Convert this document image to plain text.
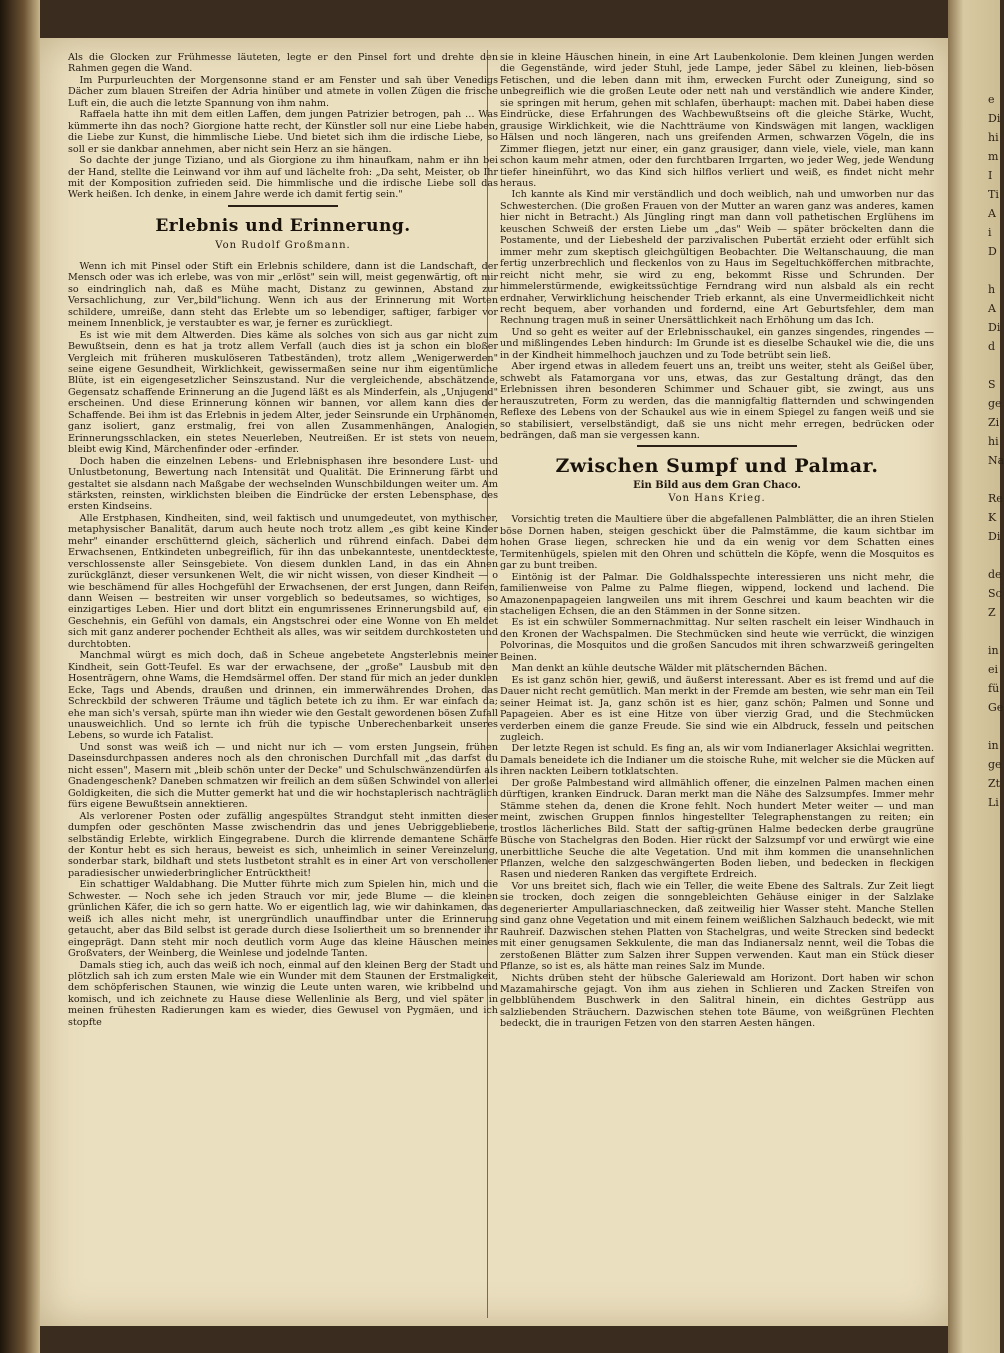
e
Di
hi
m
I
Ti
A
i
D

h
A
Di
d

S
ge
Zi
hi
Na

Re
K
Di

de
Sc
Z

in
ei
fü
Ge

in
ge
Zt
Li

Als die Glocken zur Frühmesse läuteten, legte er den Pinsel fort und drehte den Rahmen gegen die Wand.

Im Purpurleuchten der Morgensonne stand er am Fenster und sah über Venedigs Dächer zum blauen Streifen der Adria hinüber und atmete in vollen Zügen die frische Luft ein, die auch die letzte Spannung von ihm nahm.

Raffaela hatte ihn mit dem eitlen Laffen, dem jungen Patrizier betrogen, pah … Was kümmerte ihn das noch? Giorgione hatte recht, der Künstler soll nur eine Liebe haben, die Liebe zur Kunst, die himmlische Liebe. Und bietet sich ihm die irdische Liebe, so soll er sie dankbar annehmen, aber nicht sein Herz an sie hängen.

So dachte der junge Tiziano, und als Giorgione zu ihm hinaufkam, nahm er ihn bei der Hand, stellte die Leinwand vor ihm auf und lächelte froh: „Da seht, Meister, ob Ihr mit der Komposition zufrieden seid. Die himmlische und die irdische Liebe soll das Werk heißen. Ich denke, in einem Jahre werde ich damit fertig sein."

Erlebnis und Erinnerung.
Von Rudolf Großmann.

Wenn ich mit Pinsel oder Stift ein Erlebnis schildere, dann ist die Landschaft, der Mensch oder was ich erlebe, was von mir „erlöst" sein will, meist gegenwärtig, oft mir so eindringlich nah, daß es Mühe macht, Distanz zu gewinnen, Abstand zur Versachlichung, zur Ver„bild"lichung. Wenn ich aus der Erinnerung mit Worten schildere, umreiße, dann steht das Erlebte um so lebendiger, saftiger, farbiger vor meinem Innenblick, je verstaubter es war, je ferner es zurückliegt.

Es ist wie mit dem Altwerden. Dies käme als solches von sich aus gar nicht zum Bewußtsein, denn es hat ja trotz allem Verfall (auch dies ist ja schon ein bloßer Vergleich mit früheren muskulöseren Tatbeständen), trotz allem „Wenigerwerden" seine eigene Gesundheit, Wirklichkeit, gewissermaßen seine nur ihm eigentümliche Blüte, ist ein eigengesetzlicher Seinszustand. Nur die vergleichende, abschätzende, Gegensatz schaffende Erinnerung an die Jugend läßt es als Minderfein, als „Unjugend" erscheinen. Und diese Erinnerung können wir bannen, vor allem kann dies der Schaffende. Bei ihm ist das Erlebnis in jedem Alter, jeder Seinsrunde ein Urphänomen, ganz isoliert, ganz erstmalig, frei von allen Zusammenhängen, Analogien, Erinnerungsschlacken, ein stetes Neuerleben, Neutreißen. Er ist stets von neuem, bleibt ewig Kind, Märchenfinder oder -erfinder.

Doch haben die einzelnen Lebens- und Erlebnisphasen ihre besondere Lust- und Unlustbetonung, Bewertung nach Intensität und Qualität. Die Erinnerung färbt und gestaltet sie alsdann nach Maßgabe der wechselnden Wunschbildungen weiter um. Am stärksten, reinsten, wirklichsten bleiben die Eindrücke der ersten Lebensphase, des ersten Kindseins.

Alle Erstphasen, Kindheiten, sind, weil faktisch und unumgedeutet, von mythischer, metaphysischer Banalität, darum auch heute noch trotz allem „es gibt keine Kinder mehr" einander erschütternd gleich, sächerlich und rührend einfach. Dabei dem Erwachsenen, Entkindeten unbegreiflich, für ihn das unbekannteste, unentdeckteste, verschlossenste aller Seinsgebiete. Von diesem dunklen Land, in das ein Ahnen zurückglänzt, dieser versunkenen Welt, die wir nicht wissen, von dieser Kindheit — o wie beschämend für alles Hochgefühl der Erwachsenen, der erst Jungen, dann Reifen, dann Weisen — bestreiten wir unser vorgeblich so bedeutsames, so wichtiges, so einzigartiges Leben. Hier und dort blitzt ein engumrissenes Erinnerungsbild auf, ein Geschehnis, ein Gefühl von damals, ein Angstschrei oder eine Wonne von Eh meldet sich mit ganz anderer pochender Echtheit als alles, was wir seitdem durchkosteten und durchtobten.

Manchmal würgt es mich doch, daß in Scheue angebetete Angsterlebnis meiner Kindheit, sein Gott-Teufel. Es war der erwachsene, der „große" Lausbub mit den Hosenträgern, ohne Wams, die Hemdsärmel offen. Der stand für mich an jeder dunklen Ecke, Tags und Abends, draußen und drinnen, ein immerwährendes Drohen, das Schreckbild der schweren Träume und täglich betete ich zu ihm. Er war einfach da; ehe man sich's versah, spürte man ihn wieder wie den Gestalt gewordenen bösen Zufall unausweichlich. Und so lernte ich früh die typische Unberechenbarkeit unseres Lebens, so wurde ich Fatalist.

Und sonst was weiß ich — und nicht nur ich — vom ersten Jungsein, frühen Daseinsdurchpassen anderes noch als den chronischen Durchfall mit „das darfst du nicht essen", Masern mit „bleib schön unter der Decke" und Schulschwänzendürfen als Gnadengeschenk? Daneben schmatzen wir freilich an dem süßen Schwindel von allerlei Goldigkeiten, die sich die Mutter gemerkt hat und die wir hochstaplerisch nachträglich fürs eigene Bewußtsein annektieren.

Als verlorener Posten oder zufällig angespültes Strandgut steht inmitten dieser dumpfen oder geschönten Masse zwischendrin das und jenes Uebriggebliebene, selbständig Erlebte, wirklich Eingegrabene. Durch die klirrende demantene Schärfe der Kontur hebt es sich heraus, beweist es sich, unheimlich in seiner Vereinzelung, sonderbar stark, bildhaft und stets lustbetont strahlt es in einer Art von verschollener paradiesischer unwiederbringlicher Entrücktheit!

Ein schattiger Waldabhang. Die Mutter führte mich zum Spielen hin, mich und die Schwester. — Noch sehe ich jeden Strauch vor mir, jede Blume — die kleinen grünlichen Käfer, die ich so gern hatte. Wo er eigentlich lag, wie wir dahinkamen, das weiß ich alles nicht mehr, ist unergründlich unauffindbar unter die Erinnerung getaucht, aber das Bild selbst ist gerade durch diese Isoliertheit um so brennender ihr eingeprägt. Dann steht mir noch deutlich vorm Auge das kleine Häuschen meines Großvaters, der Weinberg, die Weinlese und jodelnde Tanten.

Damals stieg ich, auch das weiß ich noch, einmal auf den kleinen Berg der Stadt und plötzlich sah ich zum ersten Male wie ein Wunder mit dem Staunen der Erstmaligkeit, dem schöpferischen Staunen, wie winzig die Leute unten waren, wie kribbelnd und komisch, und ich zeichnete zu Hause diese Wellenlinie als Berg, und viel später in meinen frühesten Radierungen kam es wieder, dies Gewusel von Pygmäen, und ich stopfte

sie in kleine Häuschen hinein, in eine Art Laubenkolonie. Dem kleinen Jungen werden die Gegenstände, wird jeder Stuhl, jede Lampe, jeder Säbel zu kleinen, lieb-bösen Fetischen, und die leben dann mit ihm, erwecken Furcht oder Zuneigung, sind so unbegreiflich wie die großen Leute oder nett nah und verständlich wie andere Kinder, sie springen mit herum, gehen mit schlafen, überhaupt: machen mit. Dabei haben diese Eindrücke, diese Erfahrungen des Wachbewußtseins oft die gleiche Stärke, Wucht, grausige Wirklichkeit, wie die Nachtträume von Kindswägen mit langen, wackligen Hälsen und noch längeren, nach uns greifenden Armen, schwarzen Vögeln, die ins Zimmer fliegen, jetzt nur einer, ein ganz grausiger, dann viele, viele, viele, man kann schon kaum mehr atmen, oder den furchtbaren Irrgarten, wo jeder Weg, jede Wendung tiefer hineinführt, wo das Kind sich hilflos verliert und weiß, es findet nicht mehr heraus.

Ich kannte als Kind mir verständlich und doch weiblich, nah und umworben nur das Schwesterchen. (Die großen Frauen von der Mutter an waren ganz was anderes, kamen hier nicht in Betracht.) Als Jüngling ringt man dann voll pathetischen Erglühens im keuschen Schweiß der ersten Liebe um „das" Weib — später bröckelten dann die Postamente, und der Liebesheld der parzivalischen Pubertät erzieht oder erfühlt sich immer mehr zum skeptisch gleichgültigen Beobachter. Die Weltanschauung, die man fertig unzerbrechlich und fleckenlos von zu Haus im Segeltuchköfferchen mitbrachte, reicht nicht mehr, sie wird zu eng, bekommt Risse und Schrunden. Der himmelerstürmende, ewigkeitssüchtige Ferndrang wird nun alsbald als ein recht erdnaher, Verwirklichung heischender Trieb erkannt, als eine Unvermeidlichkeit nicht recht bequem, aber vorhanden und fordernd, eine Art Geburtsfehler, dem man Rechnung tragen muß in seiner Unersättlichkeit nach Erhöhung um das Ich.

Und so geht es weiter auf der Erlebnisschaukel, ein ganzes singendes, ringendes — und mißlingendes Leben hindurch: Im Grunde ist es dieselbe Schaukel wie die, die uns in der Kindheit himmelhoch jauchzen und zu Tode betrübt sein ließ.

Aber irgend etwas in alledem feuert uns an, treibt uns weiter, steht als Geißel über, schwebt als Fatamorgana vor uns, etwas, das zur Gestaltung drängt, das den Erlebnissen ihren besonderen Schimmer und Schauer gibt, sie zwingt, aus uns herauszutreten, Form zu werden, das die mannigfaltig flatternden und schwingenden Reflexe des Lebens von der Schaukel aus wie in einem Spiegel zu fangen weiß und sie so stabilisiert, verselbständigt, daß sie uns nicht mehr erregen, bedrücken oder bedrängen, daß man sie vergessen kann.

Zwischen Sumpf und Palmar.
Ein Bild aus dem Gran Chaco.
Von Hans Krieg.

Vorsichtig treten die Maultiere über die abgefallenen Palmblätter, die an ihren Stielen böse Dornen haben, steigen geschickt über die Palmstämme, die kaum sichtbar im hohen Grase liegen, schrecken hie und da ein wenig vor dem Schatten eines Termitenhügels, spielen mit den Ohren und schütteln die Köpfe, wenn die Mosquitos es gar zu bunt treiben.

Eintönig ist der Palmar. Die Goldhalsspechte interessieren uns nicht mehr, die familienweise von Palme zu Palme fliegen, wippend, lockend und lachend. Die Amazonenpapageien langweilen uns mit ihrem Geschrei und kaum beachten wir die stacheligen Echsen, die an den Stämmen in der Sonne sitzen.

Es ist ein schwüler Sommernachmittag. Nur selten raschelt ein leiser Windhauch in den Kronen der Wachspalmen. Die Stechmücken sind heute wie verrückt, die winzigen Polvorinas, die Mosquitos und die großen Sancudos mit ihren schwarzweiß geringelten Beinen.

Man denkt an kühle deutsche Wälder mit plätschernden Bächen.

Es ist ganz schön hier, gewiß, und äußerst interessant. Aber es ist fremd und auf die Dauer nicht recht gemütlich. Man merkt in der Fremde am besten, wie sehr man ein Teil seiner Heimat ist. Ja, ganz schön ist es hier, ganz schön; Palmen und Sonne und Papageien. Aber es ist eine Hitze von über vierzig Grad, und die Stechmücken verderben einem die ganze Freude. Sie sind wie ein Albdruck, fesseln und peitschen zugleich.

Der letzte Regen ist schuld. Es fing an, als wir vom Indianerlager Aksichlai wegritten. Damals beneidete ich die Indianer um die stoische Ruhe, mit welcher sie die Mücken auf ihren nackten Leibern totklatschten.

Der große Palmbestand wird allmählich offener, die einzelnen Palmen machen einen dürftigen, kranken Eindruck. Daran merkt man die Nähe des Salzsumpfes. Immer mehr Stämme stehen da, denen die Krone fehlt. Noch hundert Meter weiter — und man meint, zwischen Gruppen finnlos hingestellter Telegraphenstangen zu reiten; ein trostlos lächerliches Bild. Statt der saftig-grünen Halme bedecken derbe graugrüne Büsche von Stachelgras den Boden. Hier rückt der Salzsumpf vor und erwürgt wie eine unerbittliche Seuche die alte Vegetation. Und mit ihm kommen die unansehnlichen Pflanzen, welche den salzgeschwängerten Boden lieben, und bedecken in fleckigen Rasen und niederen Ranken das vergiftete Erdreich.

Vor uns breitet sich, flach wie ein Teller, die weite Ebene des Saltrals. Zur Zeit liegt sie trocken, doch zeigen die sonngebleichten Gehäuse einiger in der Salzlake degenerierter Ampullariaschnecken, daß zeitweilig hier Wasser steht. Manche Stellen sind ganz ohne Vegetation und mit einem feinem weißlichen Salzhauch bedeckt, wie mit Rauhreif. Dazwischen stehen Platten von Stachelgras, und weite Strecken sind bedeckt mit einer genugsamen Sekkulente, die man das Indianersalz nennt, weil die Tobas die zerstoßenen Blätter zum Salzen ihrer Suppen verwenden. Kaut man ein Stück dieser Pflanze, so ist es, als hätte man reines Salz im Munde.

Nichts drüben steht der hübsche Galeriewald am Horizont. Dort haben wir schon Mazamahirsche gejagt. Von ihm aus ziehen in Schlieren und Zacken Streifen von gelbblühendem Buschwerk in den Salitral hinein, ein dichtes Gestrüpp aus salzliebenden Sträuchern. Dazwischen stehen tote Bäume, von weißgrünen Flechten bedeckt, die in traurigen Fetzen von den starren Aesten hängen.
